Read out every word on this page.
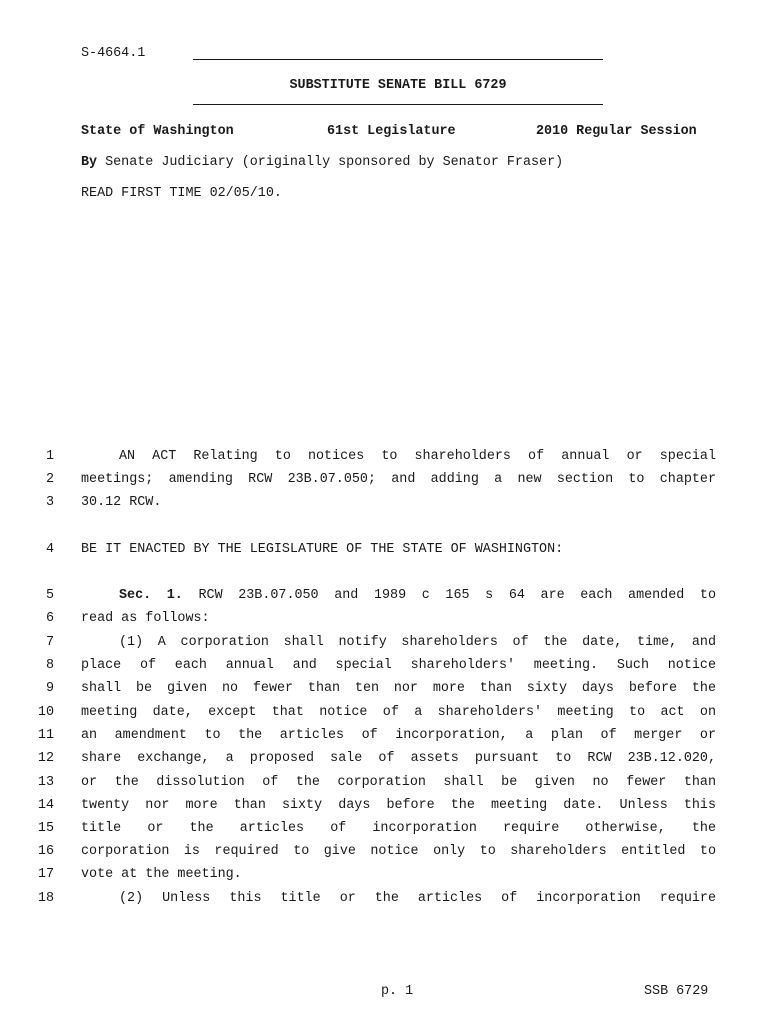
S-4664.1
SUBSTITUTE SENATE BILL 6729
State of Washington	61st Legislature	2010 Regular Session
By Senate Judiciary (originally sponsored by Senator Fraser)
READ FIRST TIME 02/05/10.
1	AN ACT Relating to notices to shareholders of annual or special
2 meetings; amending RCW 23B.07.050; and adding a new section to chapter
3 30.12 RCW.
4 BE IT ENACTED BY THE LEGISLATURE OF THE STATE OF WASHINGTON:
5	Sec. 1. RCW 23B.07.050 and 1989 c 165 s 64 are each amended to
6 read as follows:
7	(1) A corporation shall notify shareholders of the date, time, and
8 place of each annual and special shareholders' meeting. Such notice
9 shall be given no fewer than ten nor more than sixty days before the
10 meeting date, except that notice of a shareholders' meeting to act on
11 an amendment to the articles of incorporation, a plan of merger or
12 share exchange, a proposed sale of assets pursuant to RCW 23B.12.020,
13 or the dissolution of the corporation shall be given no fewer than
14 twenty nor more than sixty days before the meeting date. Unless this
15 title or the articles of incorporation require otherwise, the
16 corporation is required to give notice only to shareholders entitled to
17 vote at the meeting.
18	(2) Unless this title or the articles of incorporation require
p. 1	SSB 6729
